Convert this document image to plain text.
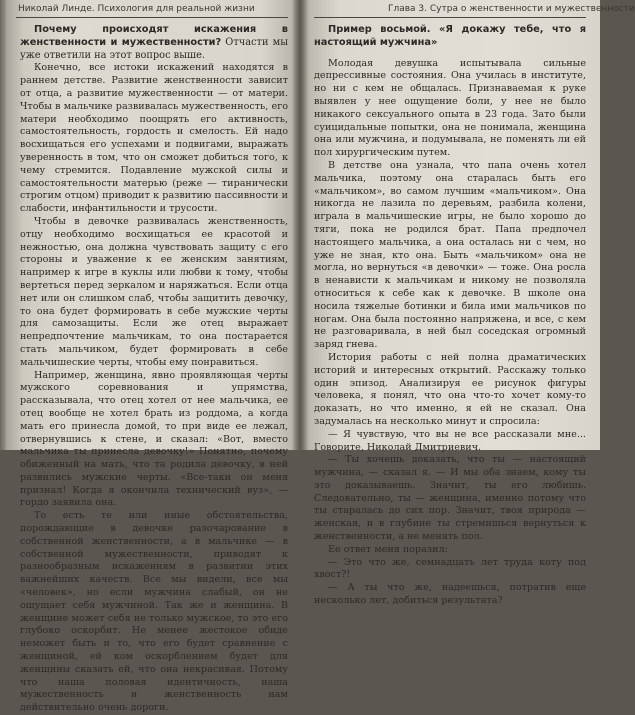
Николай Линде. Психология для реальной жизни

Почему происходят искажения в женственности и мужественности? Отчасти мы уже ответили на этот вопрос выше.

Конечно, все истоки искажений находятся в раннем детстве. Развитие женственности зависит от отца, а развитие мужественности — от матери. Чтобы в мальчике развивалась мужественность, его матери необходимо поощрять его активность, самостоятельность, гордость и смелость. Ей надо восхищаться его успехами и подвигами, выражать уверенность в том, что он сможет добиться того, к чему стремится. Подавление мужской силы и самостоятельности матерью (реже — тиранически строгим отцом) приводит к развитию пассивности и слабости, инфантильности и трусости.

Чтобы в девочке развивалась женственность, отцу необходимо восхищаться ее красотой и нежностью, она должна чувствовать защиту с его стороны и уважение к ее женским занятиям, например к игре в куклы или любви к тому, чтобы вертеться перед зеркалом и наряжаться. Если отца нет или он слишком слаб, чтобы защитить девочку, то она будет формировать в себе мужские черты для самозащиты. Если же отец выражает непредпочтение мальчикам, то она постарается стать мальчиком, будет формировать в себе мальчишеские черты, чтобы ему понравиться.

Например, женщина, явно проявляющая черты мужского соревнования и упрямства, рассказывала, что отец хотел от нее мальчика, ее отец вообще не хотел брать из роддома, а когда мать его принесла домой, то при виде ее лежал, отвернувшись к стене, и сказал: «Вот, вместо мальчика ты принесла девочку!» Понятно, почему обиженный на мать, что та родила девочку, в ней развились мужские черты. «Все-таки он меня признал! Когда я окончила технический вуз», — гордо заявила она.

То есть те или иные обстоятельства, порождающие в девочке разочарование в собственной женственности, а в мальчике — в собственной мужественности, приводят к разнообразным искажениям в развитии этих важнейших качеств. Все мы видели, все мы «человек», но если мужчина слабый, он не ощущает себя мужчиной. Так же и женщина. В женщине может себя не только мужское, то это его глубоко оскорбит. Не менее жестокое обиде неможет быть и то, что его будет сравнение с женщиной, ей ком оскорблением будет для женщины сказать ей, что она некрасивая. Потому что наша половая идентичность, наша мужественность и женственность нам действительно очень дороги.

Глава 3. Сутра о женственности и мужественности

Пример восьмой. «Я докажу тебе, что я настоящий мужчина»

Молодая девушка испытывала сильные депрессивные состояния. Она училась в институте, но ни с кем не общалась. Признаваемая к руке выявлен у нее ощущение боли, у нее не было никакого сексуального опыта в 23 года. Зато были суицидальные попытки, она не понимала, женщина она или мужчина, и подумывала, не поменять ли ей пол хирургическим путем.

В детстве она узнала, что папа очень хотел мальчика, поэтому она старалась быть его «мальчиком», во самом лучшим «мальчиком». Она никогда не лазила по деревьям, разбила колени, играла в мальчишеские игры, не было хорошо до тяги, пока не родился брат. Папа предпочел настоящего мальчика, а она осталась ни с чем, но уже не зная, кто она. Быть «мальчиком» она не могла, но вернуться «в девочки» — тоже. Она росла в ненависти к мальчикам и никому не позволяла относиться к себе как к девочке. В школе она носила тяжелые ботинки и била ими мальчиков по ногам. Она была постоянно напряжена, и все, с кем не разговаривала, в ней был соседская огромный заряд гнева.

История работы с ней полна драматических историй и интересных открытий. Расскажу только один эпизод. Анализируя ее рисунок фигуры человека, я понял, что она что-то хочет кому-то доказать, но что именно, я ей не сказал. Она задумалась на несколько минут и спросила:

— Я чувствую, что вы не все рассказали мне... Говорите, Николай Дмитриевич.

— Ты хочешь доказать, что ты — настоящий мужчина, — сказал я. — И мы оба знаем, кому ты это доказываешь. Значит, ты его любишь. Следовательно, ты — женщина, именно потому что ты старалась до сих пор. Значит, твоя природа — женская, и в глубине ты стремишься вернуться к женственности, а не менять пол.

Ее ответ меня поразил:

— Это что же, семнадцать лет труда коту под хвост?!

— А ты что же, надеешься, потратив еще несколько лет, добиться результата?
